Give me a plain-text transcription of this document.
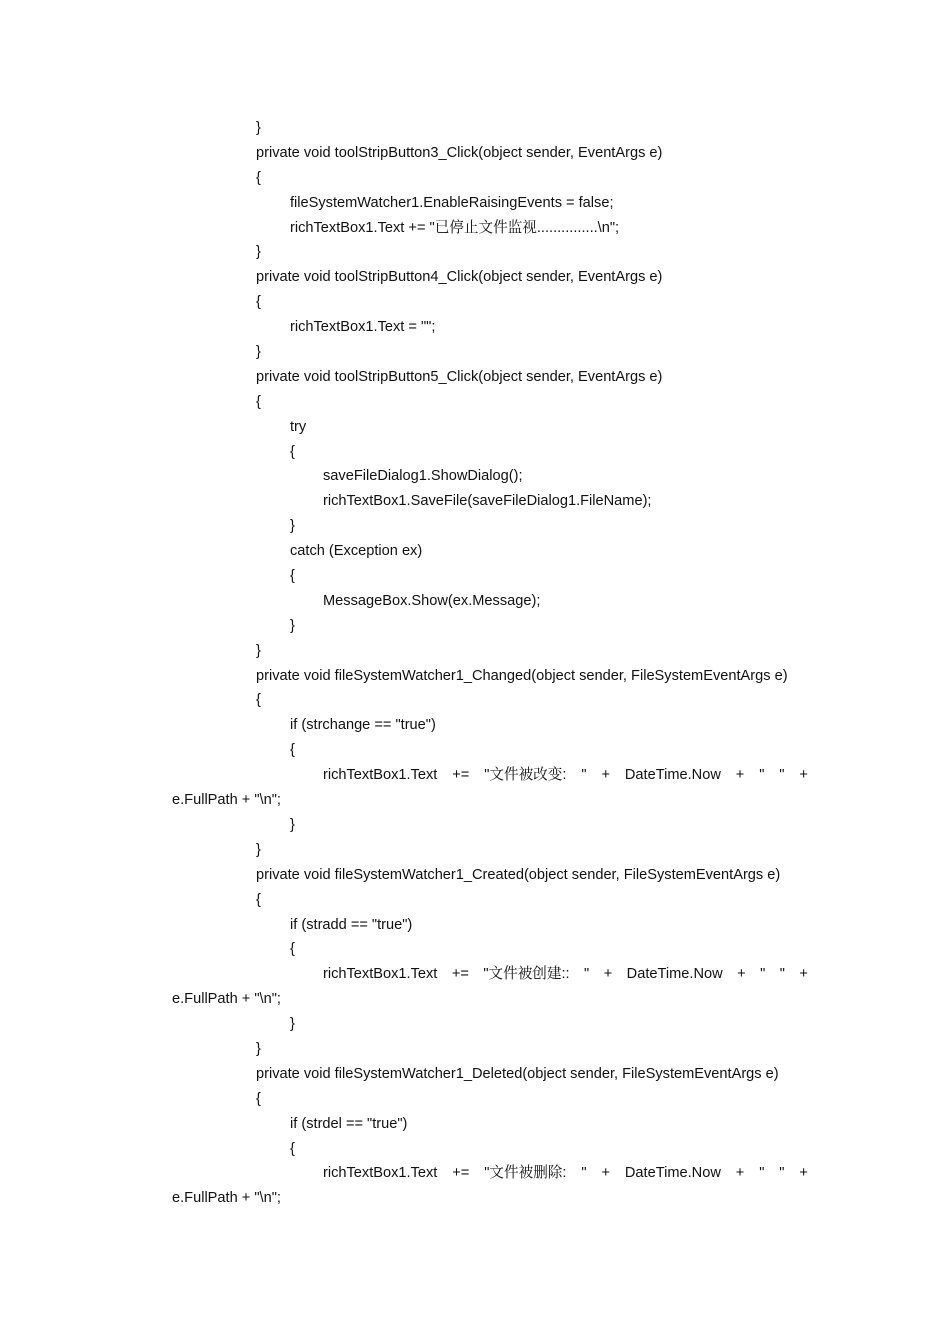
}
private void toolStripButton3_Click(object sender, EventArgs e)
{
fileSystemWatcher1.EnableRaisingEvents = false;
richTextBox1.Text += "已停止文件监视...............\n";
}
private void toolStripButton4_Click(object sender, EventArgs e)
{
richTextBox1.Text = "";
}
private void toolStripButton5_Click(object sender, EventArgs e)
{
try
{
saveFileDialog1.ShowDialog();
richTextBox1.SaveFile(saveFileDialog1.FileName);
}
catch (Exception ex)
{
MessageBox.Show(ex.Message);
}
}
private void fileSystemWatcher1_Changed(object sender, FileSystemEventArgs e)
{
if (strchange == "true")
{
richTextBox1.Text += "文件被改变: " + DateTime.Now + " " +
e.FullPath + "\n";
}
}
private void fileSystemWatcher1_Created(object sender, FileSystemEventArgs e)
{
if (stradd == "true")
{
richTextBox1.Text += "文件被创建:: " + DateTime.Now + " " +
e.FullPath + "\n";
}
}
private void fileSystemWatcher1_Deleted(object sender, FileSystemEventArgs e)
{
if (strdel == "true")
{
richTextBox1.Text += "文件被删除: " + DateTime.Now + " " +
e.FullPath + "\n";
